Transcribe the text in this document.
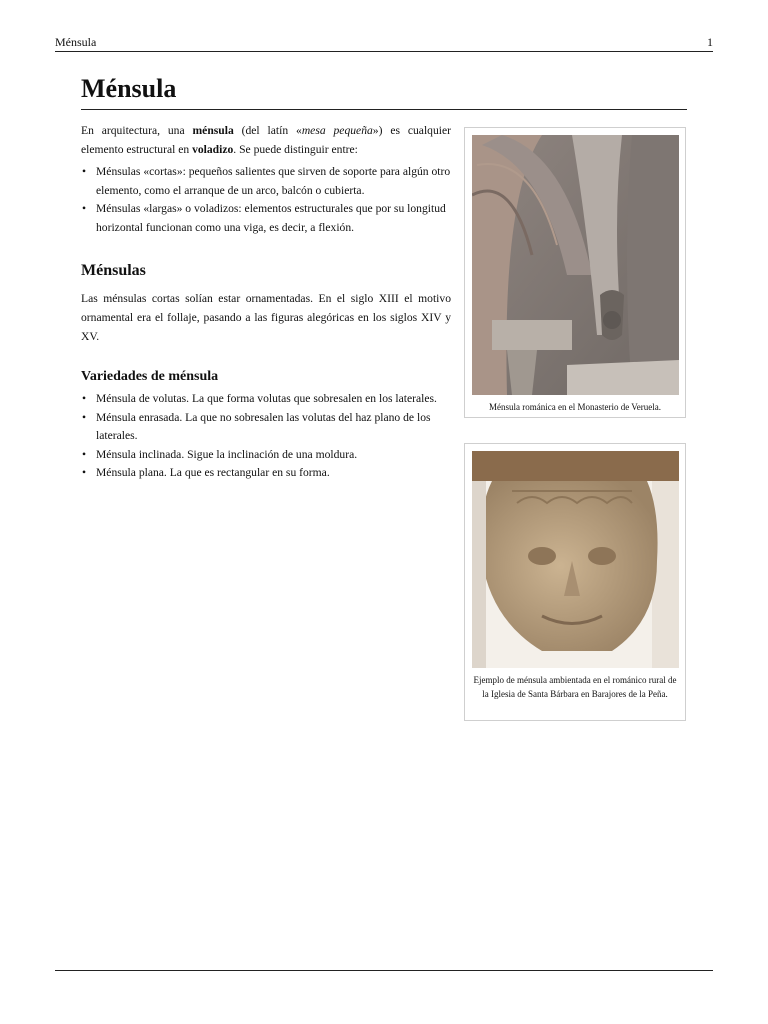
Ménsula	1
Ménsula

En arquitectura, una ménsula (del latín «mesa pequeña») es cualquier elemento estructural en voladizo. Se puede distinguir entre:

• Ménsulas «cortas»: pequeños salientes que sirven de soporte para algún otro elemento, como el arranque de un arco, balcón o cubierta.
• Ménsulas «largas» o voladizos: elementos estructurales que por su longitud horizontal funcionan como una viga, es decir, a flexión.
Ménsulas

Las ménsulas cortas solían estar ornamentadas. En el siglo XIII el motivo ornamental era el follaje, pasando a las figuras alegóricas en los siglos XIV y XV.

Variedades de ménsula
• Ménsula de volutas. La que forma volutas que sobresalen en los laterales.
• Ménsula enrasada. La que no sobresalen las volutas del haz plano de los laterales.
• Ménsula inclinada. Sigue la inclinación de una moldura.
• Ménsula plana. La que es rectangular en su forma.
Ménsula románica en el Monasterio de Veruela.
Ejemplo de ménsula ambientada en el románico rural de la Iglesia de Santa Bárbara en Barajores de la Peña.
